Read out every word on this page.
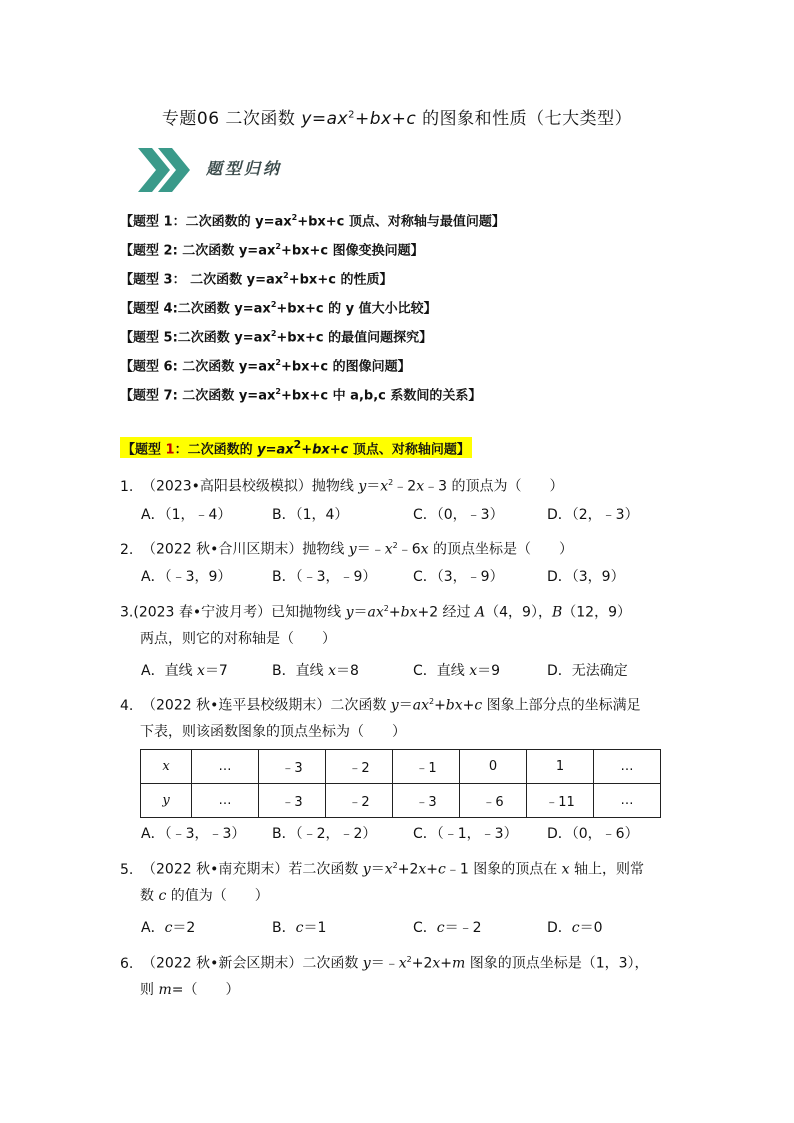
专题06 二次函数 $y=ax^2+bx+c$ 的图象和性质（七大类型）
题型归纳
【题型 1：二次函数的 $y=ax^2+bx+c$ 顶点、对称轴与最值问题】
【题型 2: 二次函数 $y=ax^2+bx+c$ 图像变换问题】
【题型 3： 二次函数 $y=ax^2+bx+c$ 的性质】
【题型 4:二次函数 $y=ax^2+bx+c$ 的 y 值大小比较】
【题型 5:二次函数 $y=ax^2+bx+c$ 的最值问题探究】
【题型 6: 二次函数 $y=ax^2+bx+c$ 的图像问题】
【题型 7: 二次函数 $y=ax^2+bx+c$ 中 a,b,c 系数间的关系】
【题型 1：二次函数的 $y=ax^2+bx+c$ 顶点、对称轴问题】
1. （2023•高阳县校级模拟）抛物线 $y=x^2﹣2x﹣3$ 的顶点为（　　）
A．（1，﹣4）	B．（1，4）	C．（0，﹣3）	D．（2，﹣3）
2. （2022 秋•合川区期末）抛物线 $y=﹣x^2﹣6x$ 的顶点坐标是（　　）
A．（﹣3，9）	B．（﹣3，﹣9）	C．（3，﹣9）	D．（3，9）
3.(2023 春•宁波月考）已知抛物线 $y=ax^2+bx+2$ 经过 A（4，9），B（12，9）
两点，则它的对称轴是（　　）
A．直线 x＝7	B．直线 x＝8	C．直线 x＝9	D．无法确定
4. （2022 秋•连平县校级期末）二次函数 $y=ax^2+bx+c$ 图象上部分点的坐标满足
下表，则该函数图象的顶点坐标为（　　）
x	…	﹣3	﹣2	﹣1	0	1	…
y	…	﹣3	﹣2	﹣3	﹣6	﹣11	…
A．（﹣3，﹣3） B．（﹣2，﹣2）	C．（﹣1，﹣3） D．（0，﹣6）
5. （2022 秋•南充期末）若二次函数 $y=x^2+2x+c﹣1$ 图象的顶点在 x 轴上，则常
数 c 的值为（　　）
A．c＝2	B．c＝1	C．c＝﹣2	D．c＝0
6. （2022 秋•新会区期末）二次函数 $y=﹣x^2+2x+m$ 图象的顶点坐标是（1，3），
则 m=（　　）
